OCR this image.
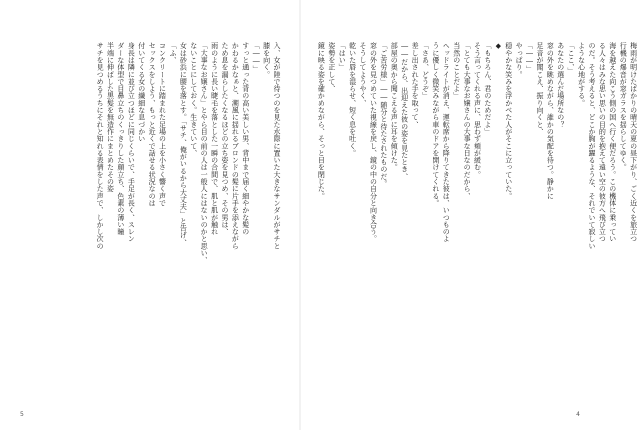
入、女が陸で待つのを見た水際に置いた大きなサンダルがサチと
膝を向く。
「――」
すっと通った背の高い美しい男、背中まで届く細やかな髪の
かわるかなぁと、潮風に揺れるブロンドの髪に片手を添えながら
ため息を漏らしたくなるほどの立ち姿を見つめ、その男は、
雨のように長い睫毛を落とした一瞬の合間で、肌と肌が触れ
「大事なお嬢さん」とやら目の前の人は一般人にはないのかと思い、
ないことにしておく。生きていて、
女は砂浜に腰を落とす。「サチ、俺がいるから大丈夫」と告げ、
「ふ、
コンクリートに踏まれた足場の上を小さく響く声で
セックスをしよう、もっと近くで話せる状況なのは
付いてくる女の繊細な息づかい
身長は隣に並び立つほどに同じくらいで、手足が長く、スレン
ダーな体型で目鼻立ちのくっきりした顔立ち、色素の薄い瞳
半端に伸ばした黒髪を無造作にまとめたその姿
サチを見つめるうちにそれと知れる表情をした声で、しかし次の
5	4
梅雨が明けたばかりの晴天の夏の昼下がり、ごく近くを旅立つ
行機の爆音が窓ガラスを揺らしてゆく。
海を越えた向こう側の国へ行く便だろう。この機体に乗ってい
る人々はみな思い思いの目的を抱えて遠い空の彼方へ飛び立つ
のだ。そう考えると、どこか胸が躍るような、それでいて寂しい
ような心地がする。
「ここ、」
あなたの選んだ場所なの？
窓の外を眺めながら、誰かの気配を待つ。静かに
足音が聞こえ、振り向くと、
「――」
やっぱり。
穏やかな笑みを浮かべた人がそこに立っていた。
◆
「もちろん、君のためだよ」
そう言ってくれる声に、思わず頬が緩む。
「とても大事なお嬢さんの大事な日なのだから、
当然のことだよ」
ヘッドライトが消え、運転席から降りてきた彼は、いつものよ
うに優しく微笑みながら車のドアを開けてくれる。
「さあ、どうぞ」
差し出された手を取って、
――だから、出迎えた彼の姿を見たとき、
部屋の奥から聞こえる声に耳を傾けた。
「ご苦労様」――随分と待たされたものだ。
窓の外を見つめていた視線を戻し、鏡の中の自分と向き合う。
そうしてようやく、
乾いた唇を湿らせ、短く息を吐く。
「はい」
姿勢を正して、
鏡に映る姿を確かめながら、そっと目を閉じた。
